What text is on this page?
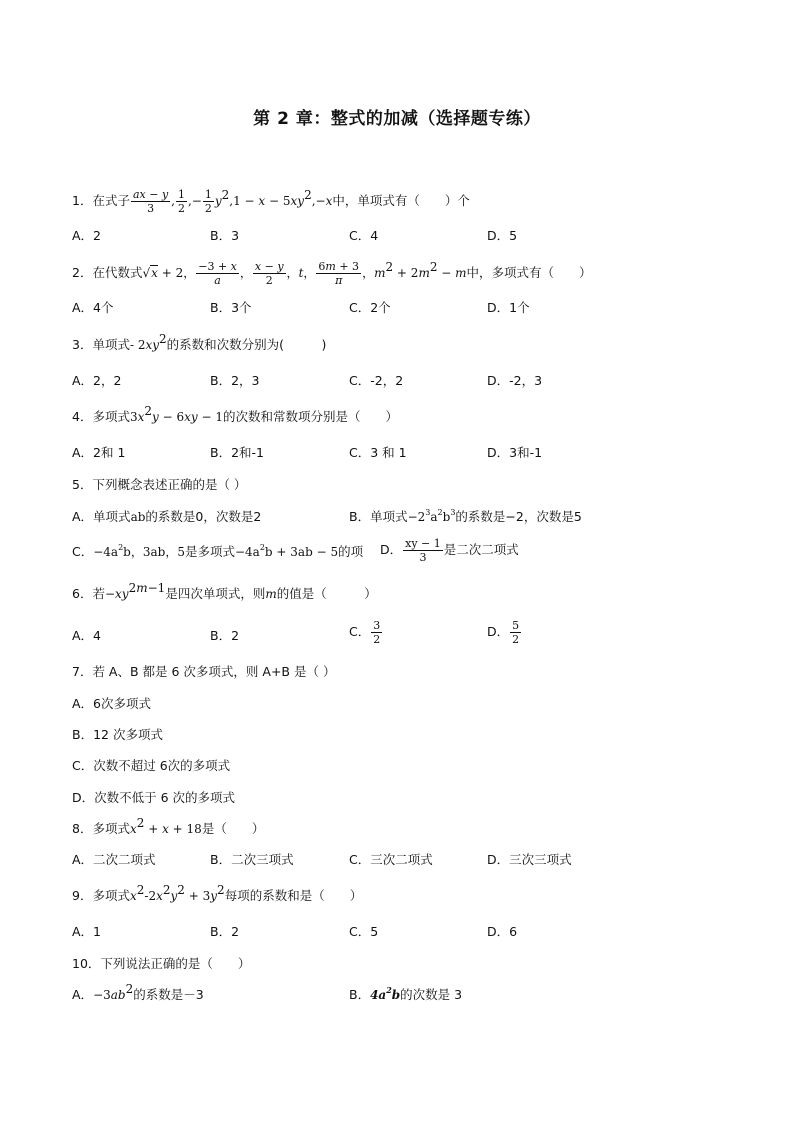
第 2 章：整式的加减（选择题专练）
1．在式子 $\frac{ax - y}{3}$ , $\frac{1}{2}$ ,− $\frac{1}{2} y^2,1 - x - 5xy^2,-x$中，单项式有（　　）个
A．2	B．3	C．4	D．5
2．在代数式√x + 2， $\frac{-3 + x}{a}$ ， $\frac{x - y}{2}$ ，t， $\frac{6m + 3}{\pi}$ ，$m^2 + 2m^2 - m$中，多项式有（　　）
A．4个	B．3个	C．2个	D．1个
3．单项式- $2xy^2$的系数和次数分别为(　　　)
A．2，2	B．2，3	C．-2，2	D．-2，3
4．多项式$3x^2y - 6xy - 1$的次数和常数项分别是（　　）
A．2和 1	B．2和-1	C．3 和 1	D．3和-1
5．下列概念表述正确的是（ ）
A．单项式ab的系数是0，次数是2	B．单项式$-2^3a^2b^3$的系数是−2，次数是5
C．$-4a^2b$，3ab，5是多项式$-4a^2b + 3ab - 5$的项 D． $\frac{xy - 1}{3}$ 是二次二项式
6．若$-xy^{2m-1}$是四次单项式，则m的值是（　　　）
A．4	B．2	C． $\frac{3}{2}$	D． $\frac{5}{2}$
7．若 A、B 都是 6 次多项式，则 A+B 是（ ）
A．6次多项式
B．12 次多项式
C．次数不超过 6次的多项式
D．次数不低于 6 次的多项式
8．多项式$x^2 + x + 18$是（　　）
A．二次二项式	B．二次三项式	C．三次二项式	D．三次三项式
9．多项式$x^2-2x^2y^2 + 3y^2$每项的系数和是（　　）
A．1	B．2	C．5	D．6
10．下列说法正确的是（　　）
A．$-3ab^2$的系数是－3	B．$4a^2b$的次数是 3
